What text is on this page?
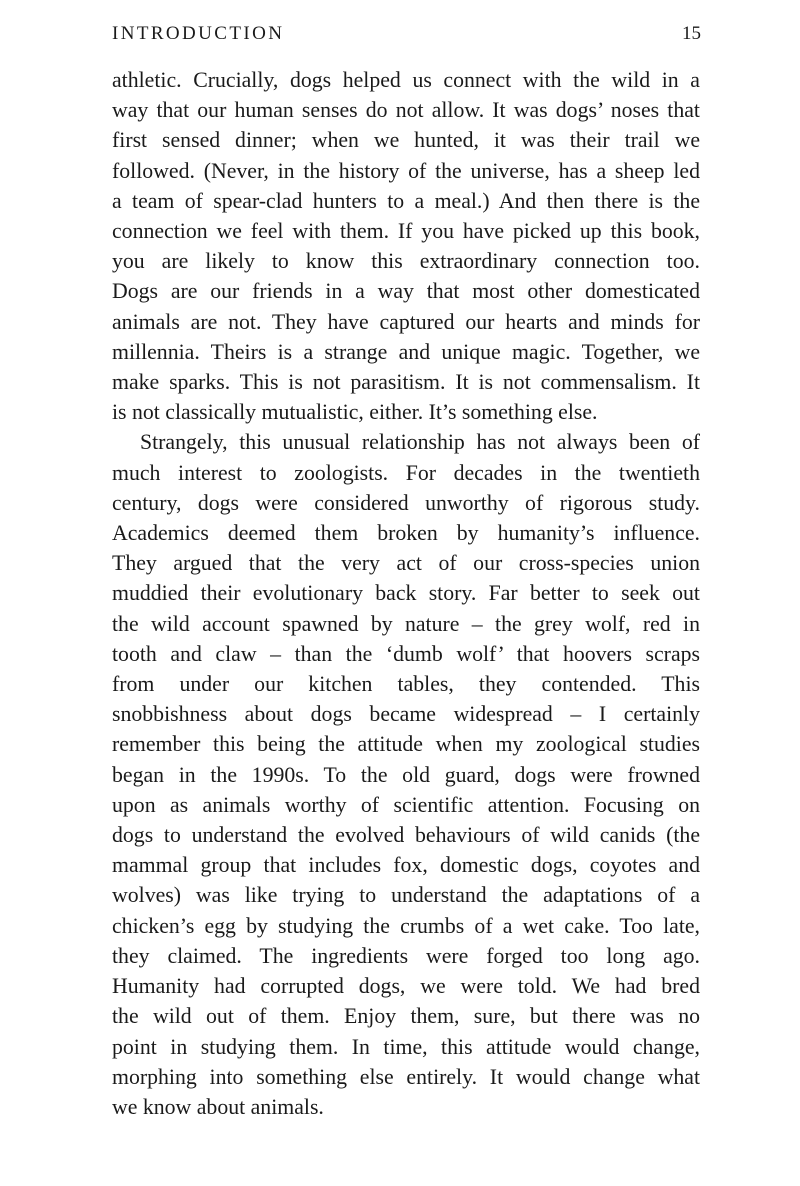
INTRODUCTION	15

athletic. Crucially, dogs helped us connect with the wild in a
way that our human senses do not allow. It was dogs’ noses that
first sensed dinner; when we hunted, it was their trail we
followed. (Never, in the history of the universe, has a sheep led
a team of spear-clad hunters to a meal.) And then there is the
connection we feel with them. If you have picked up this book,
you are likely to know this extraordinary connection too.
Dogs are our friends in a way that most other domesticated
animals are not. They have captured our hearts and minds for
millennia. Theirs is a strange and unique magic. Together, we
make sparks. This is not parasitism. It is not commensalism. It
is not classically mutualistic, either. It’s something else.

Strangely, this unusual relationship has not always been of
much interest to zoologists. For decades in the twentieth
century, dogs were considered unworthy of rigorous study.
Academics deemed them broken by humanity’s influence.
They argued that the very act of our cross-species union
muddied their evolutionary back story. Far better to seek out
the wild account spawned by nature – the grey wolf, red in
tooth and claw – than the ‘dumb wolf’ that hoovers scraps
from under our kitchen tables, they contended. This
snobbishness about dogs became widespread – I certainly
remember this being the attitude when my zoological studies
began in the 1990s. To the old guard, dogs were frowned
upon as animals worthy of scientific attention. Focusing on
dogs to understand the evolved behaviours of wild canids (the
mammal group that includes fox, domestic dogs, coyotes and
wolves) was like trying to understand the adaptations of a
chicken’s egg by studying the crumbs of a wet cake. Too late,
they claimed. The ingredients were forged too long ago.
Humanity had corrupted dogs, we were told. We had bred
the wild out of them. Enjoy them, sure, but there was no
point in studying them. In time, this attitude would change,
morphing into something else entirely. It would change what
we know about animals.
